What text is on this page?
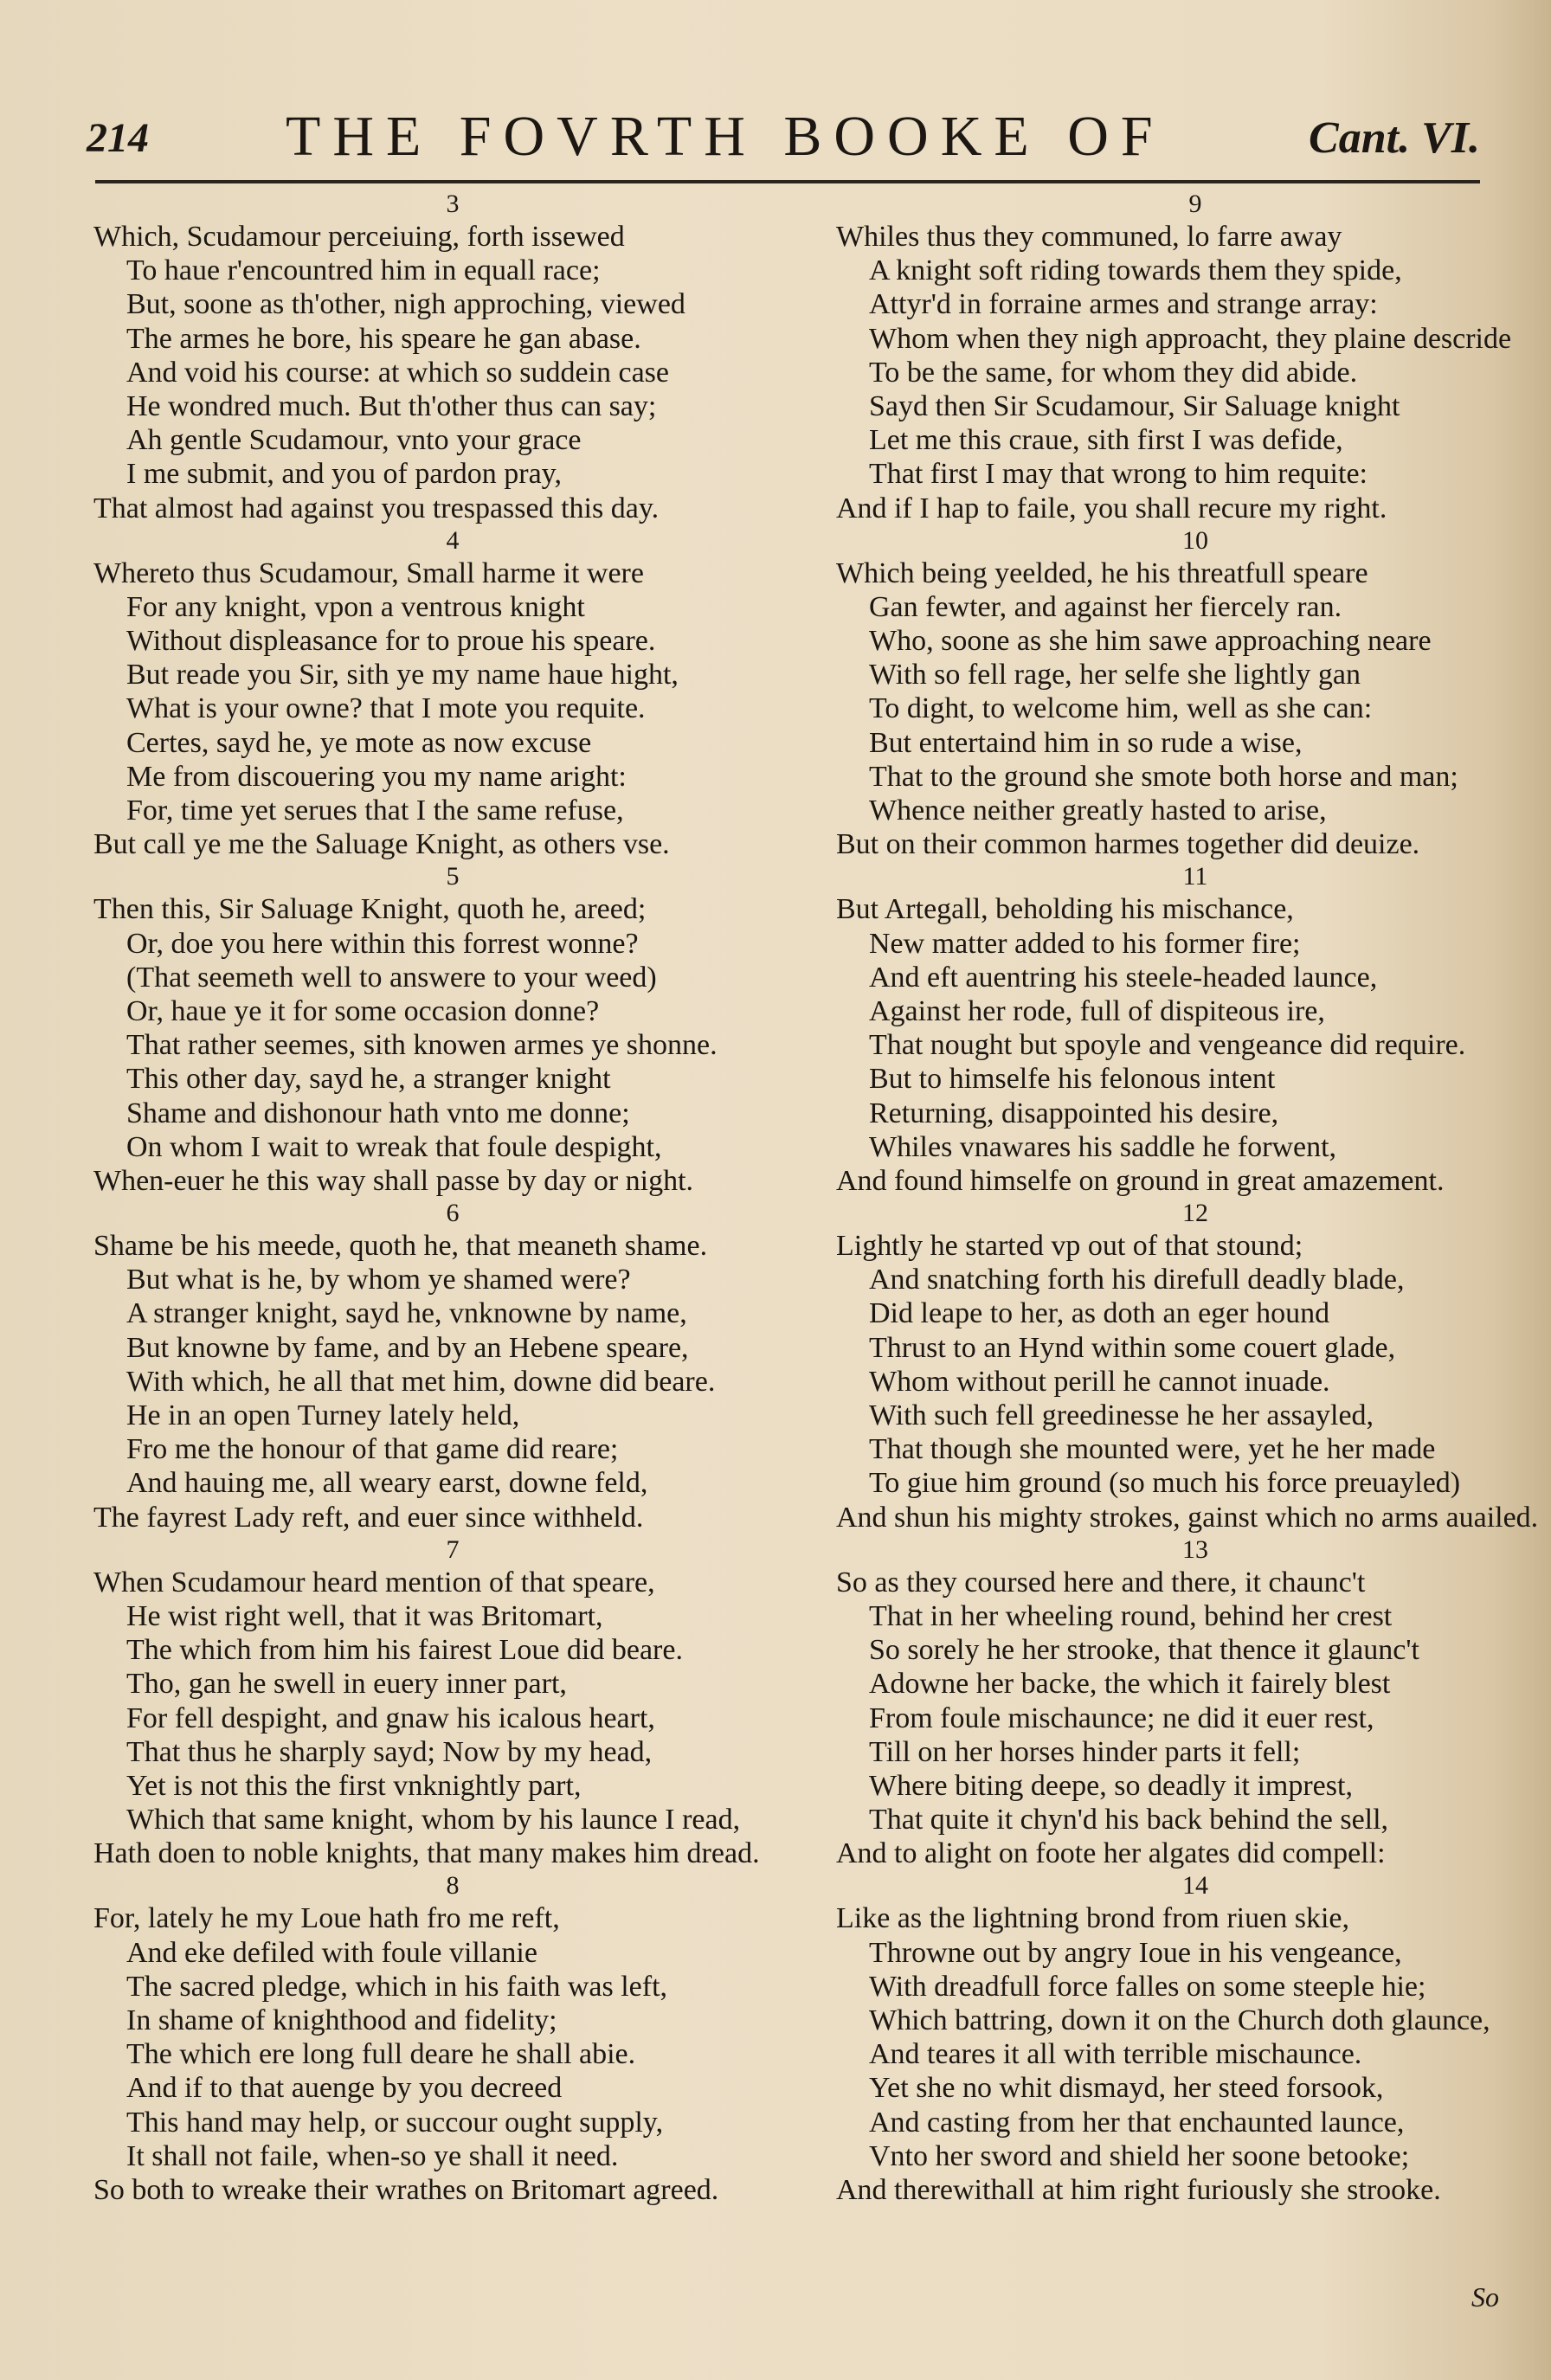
214 THE FOVRTH BOOKE OF	Cant. VI.
3
Which, Scudamour perceiuing, forth issewed
To haue r'encountred him in equall race;
But, soone as th'other, nigh approching, viewed
The armes he bore, his speare he gan abase.
And void his course: at which so suddein case
He wondred much. But th'other thus can say;
Ah gentle Scudamour, vnto your grace
I me submit, and you of pardon pray,
That almost had against you trespassed this day.
4
Whereto thus Scudamour, Small harme it were
For any knight, vpon a ventrous knight
Without displeasance for to proue his speare.
But reade you Sir, sith ye my name haue hight,
What is your owne? that I mote you requite.
Certes, sayd he, ye mote as now excuse
Me from discouering you my name aright:
For, time yet serues that I the same refuse,
But call ye me the Saluage Knight, as others vse.
5
Then this, Sir Saluage Knight, quoth he, areed;
Or, doe you here within this forrest wonne?
(That seemeth well to answere to your weed)
Or, haue ye it for some occasion donne?
That rather seemes, sith knowen armes ye shonne.
This other day, sayd he, a stranger knight
Shame and dishonour hath vnto me donne;
On whom I wait to wreak that foule despight,
When-euer he this way shall passe by day or night.
6
Shame be his meede, quoth he, that meaneth shame.
But what is he, by whom ye shamed were?
A stranger knight, sayd he, vnknowne by name,
But knowne by fame, and by an Hebene speare,
With which, he all that met him, downe did beare.
He in an open Turney lately held,
Fro me the honour of that game did reare;
And hauing me, all weary earst, downe feld,
The fayrest Lady reft, and euer since withheld.
7
When Scudamour heard mention of that speare,
He wist right well, that it was Britomart,
The which from him his fairest Loue did beare.
Tho, gan he swell in euery inner part,
For fell despight, and gnaw his icalous heart,
That thus he sharply sayd; Now by my head,
Yet is not this the first vnknightly part,
Which that same knight, whom by his launce I read,
Hath doen to noble knights, that many makes him dread.
8
For, lately he my Loue hath fro me reft,
And eke defiled with foule villanie
The sacred pledge, which in his faith was left,
In shame of knighthood and fidelity;
The which ere long full deare he shall abie.
And if to that auenge by you decreed
This hand may help, or succour ought supply,
It shall not faile, when-so ye shall it need.
So both to wreake their wrathes on Britomart agreed.
9
Whiles thus they communed, lo farre away
A knight soft riding towards them they spide,
Attyr'd in forraine armes and strange array:
Whom when they nigh approacht, they plaine descride
To be the same, for whom they did abide.
Sayd then Sir Scudamour, Sir Saluage knight
Let me this craue, sith first I was defide,
That first I may that wrong to him requite:
And if I hap to faile, you shall recure my right.
10
Which being yeelded, he his threatfull speare
Gan fewter, and against her fiercely ran.
Who, soone as she him sawe approaching neare
With so fell rage, her selfe she lightly gan
To dight, to welcome him, well as she can:
But entertaind him in so rude a wise,
That to the ground she smote both horse and man;
Whence neither greatly hasted to arise,
But on their common harmes together did deuize.
11
But Artegall, beholding his mischance,
New matter added to his former fire;
And eft auentring his steele-headed launce,
Against her rode, full of dispiteous ire,
That nought but spoyle and vengeance did require.
But to himselfe his felonous intent
Returning, disappointed his desire,
Whiles vnawares his saddle he forwent,
And found himselfe on ground in great amazement.
12
Lightly he started vp out of that stound;
And snatching forth his direfull deadly blade,
Did leape to her, as doth an eger hound
Thrust to an Hynd within some couert glade,
Whom without perill he cannot inuade.
With such fell greedinesse he her assayled,
That though she mounted were, yet he her made
To giue him ground (so much his force preuayled)
And shun his mighty strokes, gainst which no arms auailed.
13
So as they coursed here and there, it chaunc't
That in her wheeling round, behind her crest
So sorely he her strooke, that thence it glaunc't
Adowne her backe, the which it fairely blest
From foule mischaunce; ne did it euer rest,
Till on her horses hinder parts it fell;
Where biting deepe, so deadly it imprest,
That quite it chyn'd his back behind the sell,
And to alight on foote her algates did compell:
14
Like as the lightning brond from riuen skie,
Throwne out by angry Ioue in his vengeance,
With dreadfull force falles on some steeple hie;
Which battring, down it on the Church doth glaunce,
And teares it all with terrible mischaunce.
Yet she no whit dismayd, her steed forsook,
And casting from her that enchaunted launce,
Vnto her sword and shield her soone betooke;
And therewithall at him right furiously she strooke.
So
